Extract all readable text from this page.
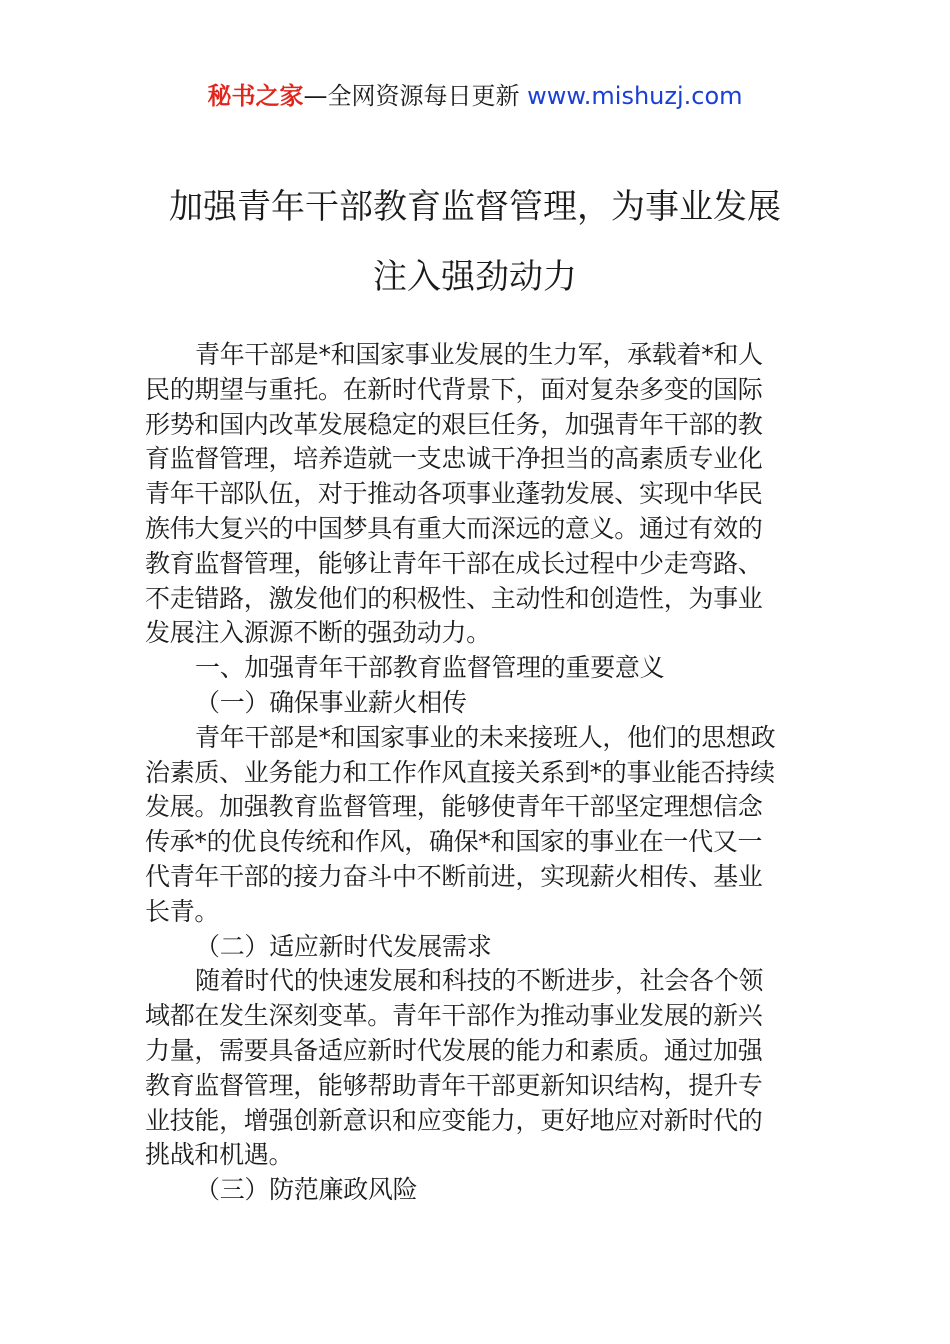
秘书之家—全网资源每日更新 www.mishuzj.com
加强青年干部教育监督管理，为事业发展
注入强劲动力
青年干部是*和国家事业发展的生力军，承载着*和人
民的期望与重托。在新时代背景下，面对复杂多变的国际
形势和国内改革发展稳定的艰巨任务，加强青年干部的教
育监督管理，培养造就一支忠诚干净担当的高素质专业化
青年干部队伍，对于推动各项事业蓬勃发展、实现中华民
族伟大复兴的中国梦具有重大而深远的意义。通过有效的
教育监督管理，能够让青年干部在成长过程中少走弯路、
不走错路，激发他们的积极性、主动性和创造性，为事业
发展注入源源不断的强劲动力。
一、加强青年干部教育监督管理的重要意义
（一）确保事业薪火相传
青年干部是*和国家事业的未来接班人，他们的思想政
治素质、业务能力和工作作风直接关系到*的事业能否持续
发展。加强教育监督管理，能够使青年干部坚定理想信念
传承*的优良传统和作风，确保*和国家的事业在一代又一
代青年干部的接力奋斗中不断前进，实现薪火相传、基业
长青。
（二）适应新时代发展需求
随着时代的快速发展和科技的不断进步，社会各个领
域都在发生深刻变革。青年干部作为推动事业发展的新兴
力量，需要具备适应新时代发展的能力和素质。通过加强
教育监督管理，能够帮助青年干部更新知识结构，提升专
业技能，增强创新意识和应变能力，更好地应对新时代的
挑战和机遇。
（三）防范廉政风险
